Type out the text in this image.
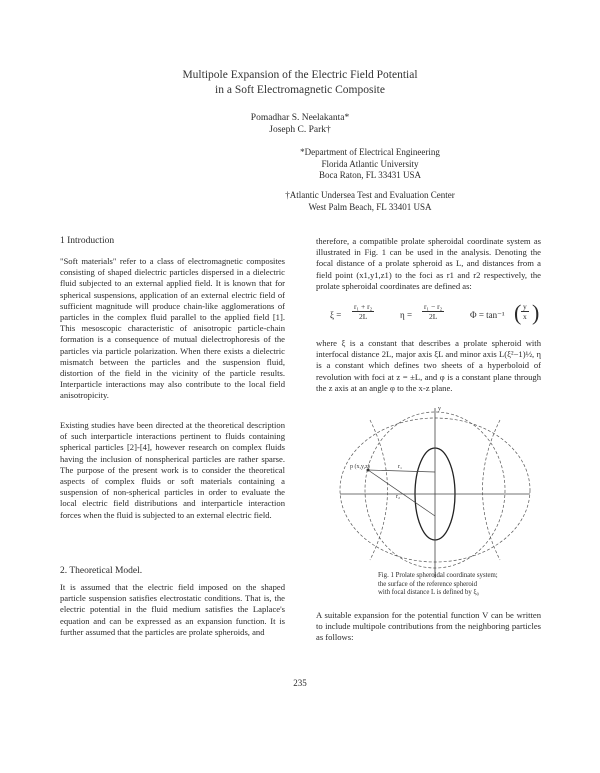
Multipole Expansion of the Electric Field Potential
in a Soft Electromagnetic Composite
Pomadhar S. Neelakanta*
Joseph C. Park†
*Department of Electrical Engineering
Florida Atlantic University
Boca Raton, FL 33431 USA
†Atlantic Undersea Test and Evaluation Center
West Palm Beach, FL 33401 USA
1 Introduction

"Soft materials" refer to a class of electromagnetic composites consisting of shaped dielectric particles dispersed in a dielectric fluid subjected to an external applied field. It is known that for spherical suspensions, application of an external electric field of sufficient magnitude will produce chain-like agglomerations of particles in the complex fluid parallel to the applied field [1]. This mesoscopic characteristic of anisotropic particle-chain formation is a consequence of mutual dielectrophoresis of the particles via particle polarization. When there exists a dielectric mismatch between the particles and the suspension fluid, distortion of the field in the vicinity of the particle results. Interparticle interactions may also contribute to the local field anisotropicity.

Existing studies have been directed at the theoretical description of such interparticle interactions pertinent to fluids containing spherical particles [2]-[4], however research on complex fluids having the inclusion of nonspherical particles are rather sparse. The purpose of the present work is to consider the theoretical aspects of complex fluids or soft materials containing a suspension of non-spherical particles in order to evaluate the local electric field distributions and interparticle interaction forces when the fluid is subjected to an external electric field.

2. Theoretical Model.

It is assumed that the electric field imposed on the shaped particle suspension satisfies electrostatic conditions. That is, the electric potential in the fluid medium satisfies the Laplace's equation and can be expressed as an expansion function. It is further assumed that the particles are prolate spheroids, and

therefore, a compatible prolate spheroidal coordinate system as illustrated in Fig. 1 can be used in the analysis. Denoting the focal distance of a prolate spheroid as L, and distances from a field point (x1,y1,z1) to the foci as r1 and r2 respectively, the prolate spheroidal coordinates are defined as:

$\xi = \frac{\text{r₁ + r₂}}{2L}$	$\eta = \frac{\text{r₁ − r₂}}{2L}$	Φ = tan⁻¹ ( $\frac{y}{x}$ )

where ξ is a constant that describes a prolate spheroid with interfocal distance 2L, major axis ξL and minor axis L(ξ²−1)½, η is a constant which defines two sheets of a hyperboloid of revolution with foci at z = ±L, and φ is a constant plane through the z axis at an angle φ to the x-z plane.

p (x,y,z)
y
r₁
r₂
Fig. 1 Prolate spheroidal coordinate system;
the surface of the reference spheroid
with focal distance L is defined by ξ₀

A suitable expansion for the potential function V can be written to include multipole contributions from the neighboring particles as follows:

235
